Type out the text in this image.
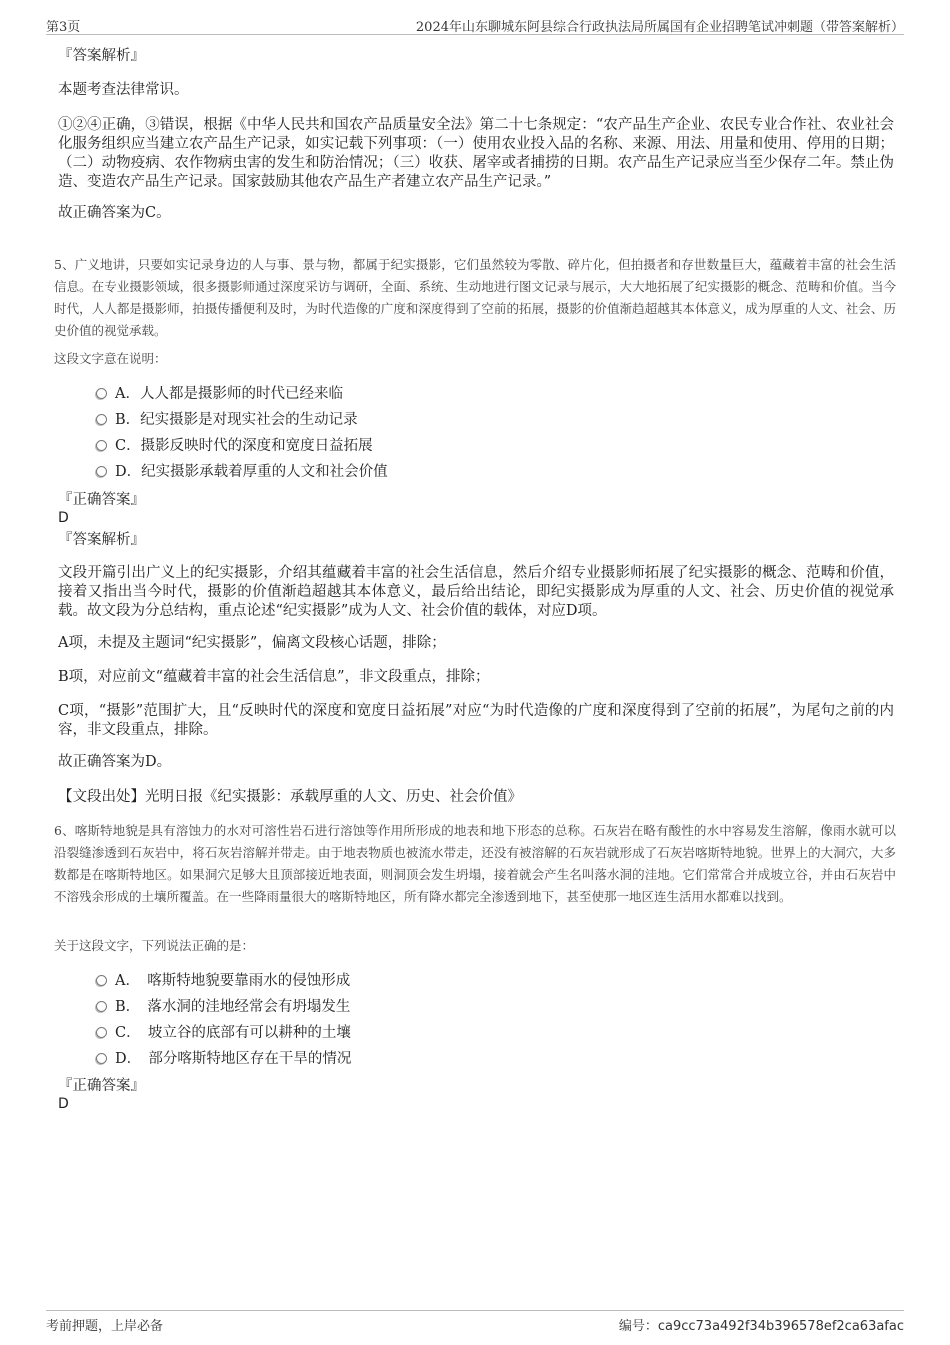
第3页	2024年山东聊城东阿县综合行政执法局所属国有企业招聘笔试冲刺题（带答案解析）
『答案解析』
本题考查法律常识。
①②④正确，③错误，根据《中华人民共和国农产品质量安全法》第二十七条规定：“农产品生产企业、农民专业合作社、农业社会化服务组织应当建立农产品生产记录，如实记载下列事项：（一）使用农业投入品的名称、来源、用法、用量和使用、停用的日期；（二）动物疫病、农作物病虫害的发生和防治情况；（三）收获、屠宰或者捕捞的日期。农产品生产记录应当至少保存二年。禁止伪造、变造农产品生产记录。国家鼓励其他农产品生产者建立农产品生产记录。”
故正确答案为C。
5、广义地讲，只要如实记录身边的人与事、景与物，都属于纪实摄影，它们虽然较为零散、碎片化，但拍摄者和存世数量巨大，蕴藏着丰富的社会生活信息。在专业摄影领域，很多摄影师通过深度采访与调研，全面、系统、生动地进行图文记录与展示，大大地拓展了纪实摄影的概念、范畴和价值。当今时代，人人都是摄影师，拍摄传播便利及时，为时代造像的广度和深度得到了空前的拓展，摄影的价值渐趋超越其本体意义，成为厚重的人文、社会、历史价值的视觉承载。
这段文字意在说明：
A．人人都是摄影师的时代已经来临
B．纪实摄影是对现实社会的生动记录
C．摄影反映时代的深度和宽度日益拓展
D．纪实摄影承载着厚重的人文和社会价值
『正确答案』
D
『答案解析』
文段开篇引出广义上的纪实摄影，介绍其蕴藏着丰富的社会生活信息，然后介绍专业摄影师拓展了纪实摄影的概念、范畴和价值，接着又指出当今时代，摄影的价值渐趋超越其本体意义，最后给出结论，即纪实摄影成为厚重的人文、社会、历史价值的视觉承载。故文段为分总结构，重点论述“纪实摄影”成为人文、社会价值的载体，对应D项。
A项，未提及主题词“纪实摄影”，偏离文段核心话题，排除；
B项，对应前文“蕴藏着丰富的社会生活信息”，非文段重点，排除；
C项，“摄影”范围扩大，且“反映时代的深度和宽度日益拓展”对应“为时代造像的广度和深度得到了空前的拓展”，为尾句之前的内容，非文段重点，排除。
故正确答案为D。
【文段出处】光明日报《纪实摄影：承载厚重的人文、历史、社会价值》
6、喀斯特地貌是具有溶蚀力的水对可溶性岩石进行溶蚀等作用所形成的地表和地下形态的总称。石灰岩在略有酸性的水中容易发生溶解，像雨水就可以沿裂缝渗透到石灰岩中，将石灰岩溶解并带走。由于地表物质也被流水带走，还没有被溶解的石灰岩就形成了石灰岩喀斯特地貌。世界上的大洞穴，大多数都是在喀斯特地区。如果洞穴足够大且顶部接近地表面，则洞顶会发生坍塌，接着就会产生名叫落水洞的洼地。它们常常合并成坡立谷，并由石灰岩中不溶残余形成的土壤所覆盖。在一些降雨量很大的喀斯特地区，所有降水都完全渗透到地下，甚至使那一地区连生活用水都难以找到。
关于这段文字，下列说法正确的是：
A．　喀斯特地貌要靠雨水的侵蚀形成
B．　落水洞的洼地经常会有坍塌发生
C．　坡立谷的底部有可以耕种的土壤
D．　部分喀斯特地区存在干旱的情况
『正确答案』
D
考前押题，上岸必备	编号：ca9cc73a492f34b396578ef2ca63afac
